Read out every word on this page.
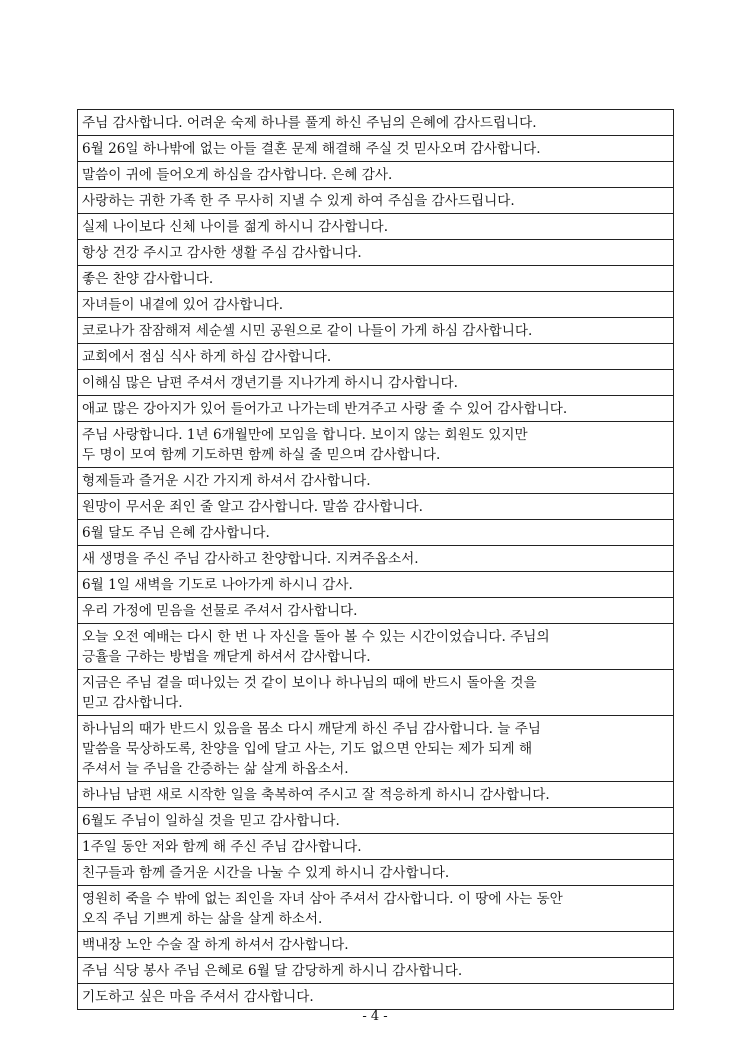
주님 감사합니다. 어려운 숙제 하나를 풀게 하신 주님의 은혜에 감사드립니다.

6월 26일 하나밖에 없는 아들 결혼 문제 해결해 주실 것 믿사오며 감사합니다.

말씀이 귀에 들어오게 하심을 감사합니다. 은혜 감사.

사랑하는 귀한 가족 한 주 무사히 지낼 수 있게 하여 주심을 감사드립니다.

실제 나이보다 신체 나이를 젊게 하시니 감사합니다.

항상 건강 주시고 감사한 생활 주심 감사합니다.

좋은 찬양 감사합니다.

자녀들이 내곁에 있어 감사합니다.

코로나가 잠잠해져 세순셀 시민 공원으로 같이 나들이 가게 하심 감사합니다.

교회에서 점심 식사 하게 하심 감사합니다.

이해심 많은 남편 주셔서 갱년기를 지나가게 하시니 감사합니다.

애교 많은 강아지가 있어 들어가고 나가는데 반겨주고 사랑 줄 수 있어 감사합니다.

주님 사랑합니다. 1년 6개월만에 모임을 합니다. 보이지 않는 회원도 있지만
두 명이 모여 함께 기도하면 함께 하실 줄 믿으며 감사합니다.

형제들과 즐거운 시간 가지게 하셔서 감사합니다.

원망이 무서운 죄인 줄 알고 감사합니다. 말씀 감사합니다.

6월 달도 주님 은혜 감사합니다.

새 생명을 주신 주님 감사하고 찬양합니다. 지켜주옵소서.

6월 1일 새벽을 기도로 나아가게 하시니 감사.

우리 가정에 믿음을 선물로 주셔서 감사합니다.

오늘 오전 예배는 다시 한 번 나 자신을 돌아 볼 수 있는 시간이었습니다. 주님의
긍휼을 구하는 방법을 깨닫게 하셔서 감사합니다.

지금은 주님 곁을 떠나있는 것 같이 보이나 하나님의 때에 반드시 돌아올 것을
믿고 감사합니다.

하나님의 때가 반드시 있음을 몸소 다시 깨닫게 하신 주님 감사합니다. 늘 주님
말씀을 묵상하도록, 찬양을 입에 달고 사는, 기도 없으면 안되는 제가 되게 해
주셔서 늘 주님을 간증하는 삶 살게 하옵소서.

하나님 남편 새로 시작한 일을 축복하여 주시고 잘 적응하게 하시니 감사합니다.

6월도 주님이 일하실 것을 믿고 감사합니다.

1주일 동안 저와 함께 해 주신 주님 감사합니다.

친구들과 함께 즐거운 시간을 나눌 수 있게 하시니 감사합니다.

영원히 죽을 수 밖에 없는 죄인을 자녀 삼아 주셔서 감사합니다. 이 땅에 사는 동안
오직 주님 기쁘게 하는 삶을 살게 하소서.

백내장 노안 수술 잘 하게 하셔서 감사합니다.

주님 식당 봉사 주님 은혜로 6월 달 감당하게 하시니 감사합니다.

기도하고 싶은 마음 주셔서 감사합니다.
- 4 -
